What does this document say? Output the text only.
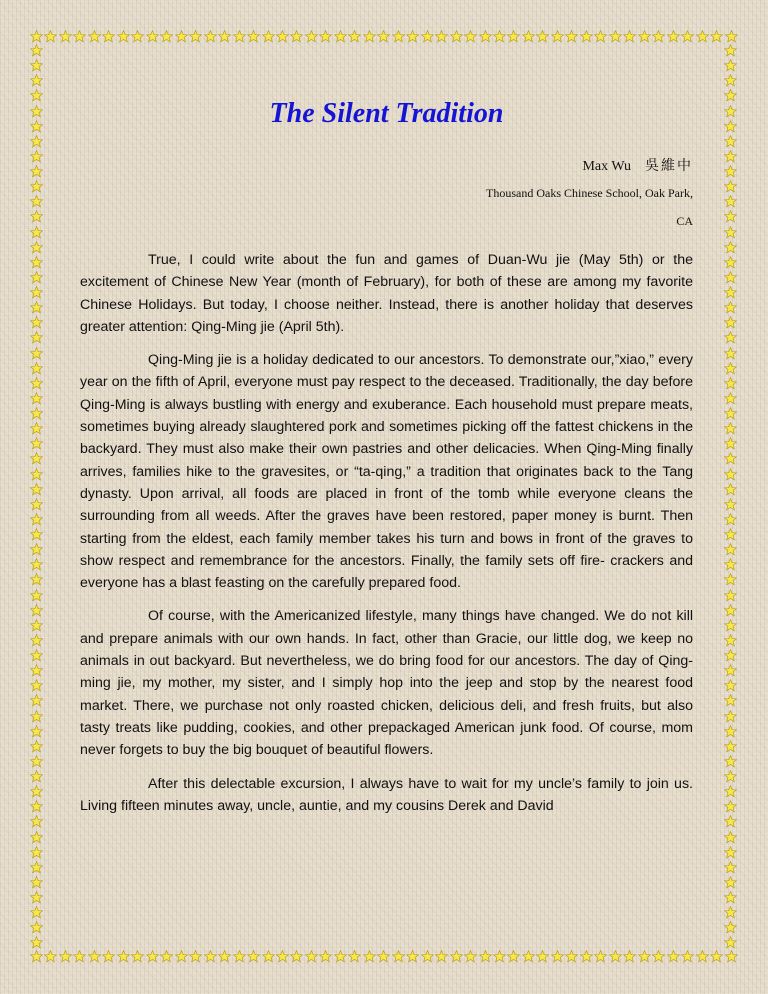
The Silent Tradition
Max Wu 吳維中
Thousand Oaks Chinese School, Oak Park,
CA

True, I could write about the fun and games of Duan-Wu jie (May 5th) or the excitement of Chinese New Year (month of February), for both of these are among my favorite Chinese Holidays. But today, I choose neither. Instead, there is another holiday that deserves greater attention: Qing-Ming jie (April 5th).

Qing-Ming jie is a holiday dedicated to our ancestors. To demonstrate our,”xiao,” every year on the fifth of April, everyone must pay respect to the deceased. Traditionally, the day before Qing-Ming is always bustling with energy and exuberance. Each household must prepare meats, sometimes buying already slaughtered pork and sometimes picking off the fattest chickens in the backyard. They must also make their own pastries and other delicacies. When Qing-Ming finally arrives, families hike to the gravesites, or “ta-qing,” a tradition that originates back to the Tang dynasty. Upon arrival, all foods are placed in front of the tomb while everyone cleans the surrounding from all weeds. After the graves have been restored, paper money is burnt. Then starting from the eldest, each family member takes his turn and bows in front of the graves to show respect and remembrance for the ancestors. Finally, the family sets off fire- crackers and everyone has a blast feasting on the carefully prepared food.

Of course, with the Americanized lifestyle, many things have changed. We do not kill and prepare animals with our own hands. In fact, other than Gracie, our little dog, we keep no animals in out backyard. But nevertheless, we do bring food for our ancestors. The day of Qing-ming jie, my mother, my sister, and I simply hop into the jeep and stop by the nearest food market. There, we purchase not only roasted chicken, delicious deli, and fresh fruits, but also tasty treats like pudding, cookies, and other prepackaged American junk food. Of course, mom never forgets to buy the big bouquet of beautiful flowers.

After this delectable excursion, I always have to wait for my uncle’s family to join us. Living fifteen minutes away, uncle, auntie, and my cousins Derek and David
